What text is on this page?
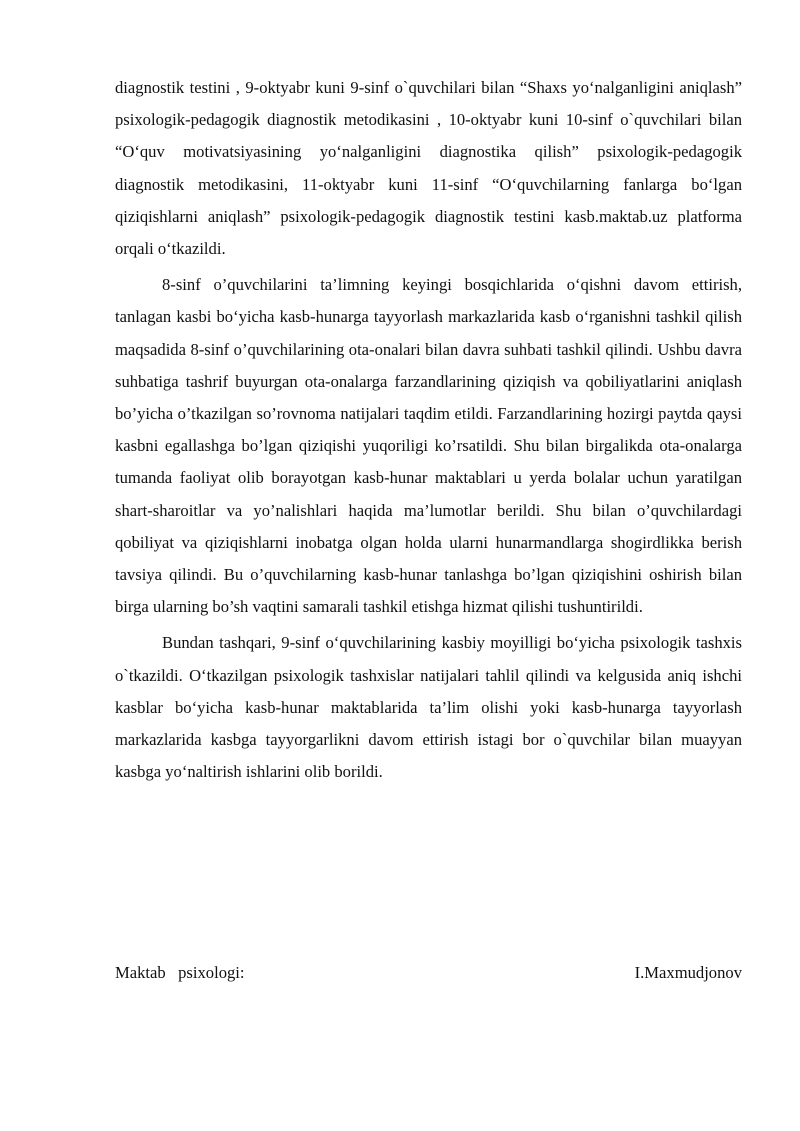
diagnostik testini , 9-oktyabr kuni 9-sinf o`quvchilari bilan “Shaxs yo‘nalganligini aniqlash” psixologik-pedagogik diagnostik metodikasini , 10-oktyabr kuni 10-sinf o`quvchilari bilan “O‘quv motivatsiyasining yo‘nalganligini diagnostika qilish” psixologik-pedagogik diagnostik metodikasini, 11-oktyabr kuni 11-sinf “O‘quvchilarning fanlarga bo‘lgan qiziqishlarni aniqlash” psixologik-pedagogik diagnostik testini kasb.maktab.uz platforma orqali o‘tkazildi.

8-sinf o’quvchilarini ta’limning keyingi bosqichlarida o‘qishni davom ettirish, tanlagan kasbi bo‘yicha kasb-hunarga tayyorlash markazlarida kasb o‘rganishni tashkil qilish maqsadida 8-sinf o’quvchilarining ota-onalari bilan davra suhbati tashkil qilindi. Ushbu davra suhbatiga tashrif buyurgan ota-onalarga farzandlarining qiziqish va qobiliyatlarini aniqlash bo’yicha o’tkazilgan so’rovnoma natijalari taqdim etildi. Farzandlarining hozirgi paytda qaysi kasbni egallashga bo’lgan qiziqishi yuqoriligi ko’rsatildi. Shu bilan birgalikda ota-onalarga tumanda faoliyat olib borayotgan kasb-hunar maktablari u yerda bolalar uchun yaratilgan shart-sharoitlar va yo’nalishlari haqida ma’lumotlar berildi. Shu bilan o’quvchilardagi qobiliyat va qiziqishlarni inobatga olgan holda ularni hunarmandlarga shogirdlikka berish tavsiya qilindi. Bu o’quvchilarning kasb-hunar tanlashga bo’lgan qiziqishini oshirish bilan birga ularning bo’sh vaqtini samarali tashkil etishga hizmat qilishi tushuntirildi.

Bundan tashqari, 9-sinf o‘quvchilarining kasbiy moyilligi bo‘yicha psixologik tashxis o`tkazildi. O‘tkazilgan psixologik tashxislar natijalari tahlil qilindi va kelgusida aniq ishchi kasblar bo‘yicha kasb-hunar maktablarida ta’lim olishi yoki kasb-hunarga tayyorlash markazlarida kasbga tayyorgarlikni davom ettirish istagi bor o`quvchilar bilan muayyan kasbga yo‘naltirish ishlarini olib borildi.

Maktab   psixologi:	I.Maxmudjonov
